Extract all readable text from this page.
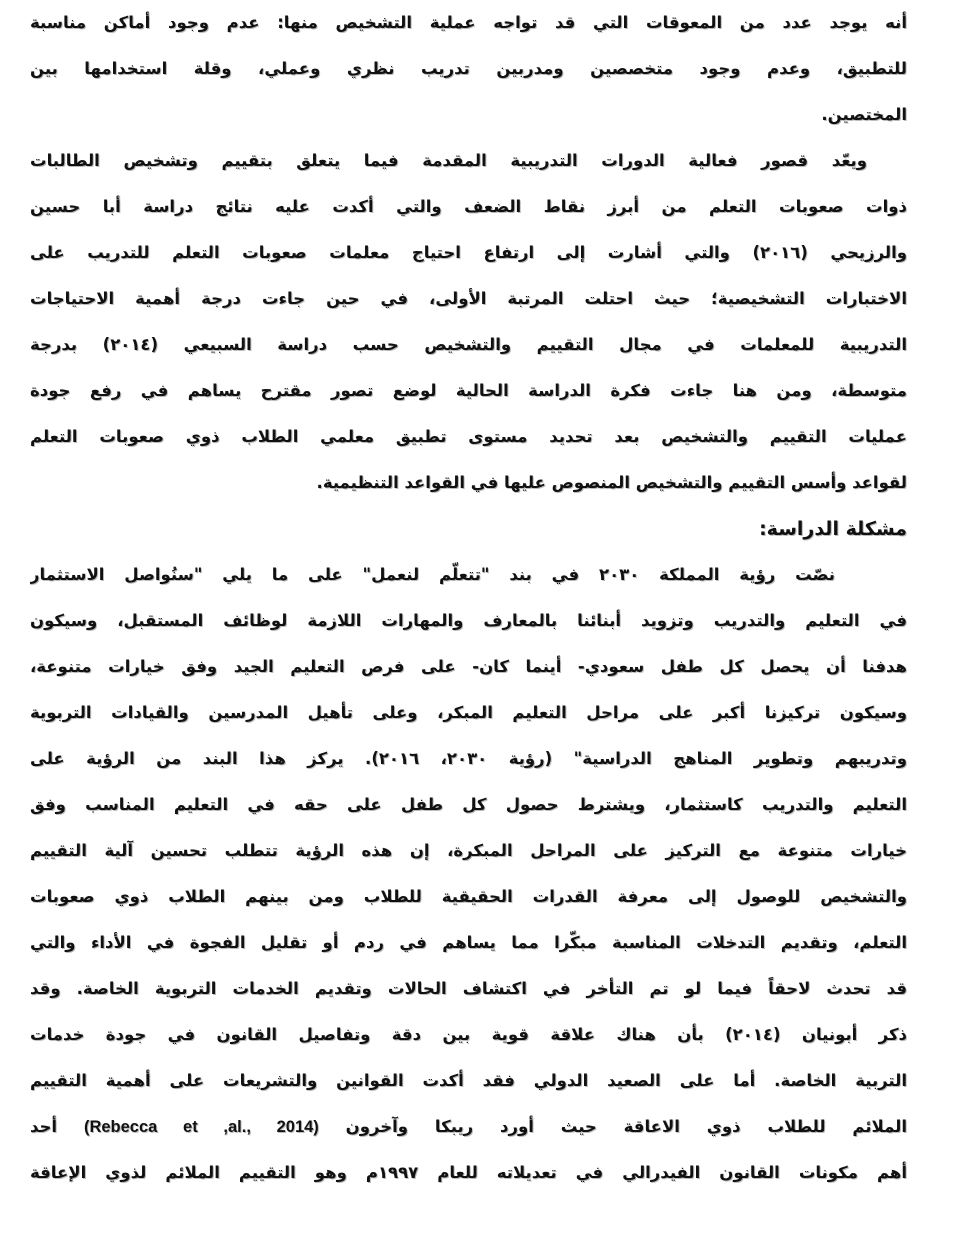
أنه يوجد عدد من المعوقات التي قد تواجه عملية التشخيص منها: عدم وجود أماكن مناسبة
للتطبيق، وعدم وجود متخصصين ومدربين تدريب نظري وعملي، وقلة استخدامها بين
المختصين.
ويعّد قصور فعالية الدورات التدريبية المقدمة فيما يتعلق بتقييم وتشخيص الطالبات
ذوات صعوبات التعلم من أبرز نقاط الضعف والتي أكدت عليه نتائج دراسة أبا حسين
والرزيحي (٢٠١٦) والتي أشارت إلى ارتفاع احتياج معلمات صعوبات التعلم للتدريب على
الاختبارات التشخيصية؛ حيث احتلت المرتبة الأولى، في حين جاءت درجة أهمية الاحتياجات
التدريبية للمعلمات في مجال التقييم والتشخيص حسب دراسة السبيعي (٢٠١٤) بدرجة
متوسطة، ومن هنا جاءت فكرة الدراسة الحالية لوضع تصور مقترح يساهم في رفع جودة
عمليات التقييم والتشخيص بعد تحديد مستوى تطبيق معلمي الطلاب ذوي صعوبات التعلم
لقواعد وأسس التقييم والتشخيص المنصوص عليها في القواعد التنظيمية.
مشكلة الدراسة:
نصّت رؤية المملكة ٢٠٣٠ في بند "تتعلّم لنعمل" على ما يلي "سنُواصل الاستثمار
في التعليم والتدريب وتزويد أبنائنا بالمعارف والمهارات اللازمة لوظائف المستقبل، وسيكون
هدفنا أن يحصل كل طفل سعودي- أينما كان- على فرص التعليم الجيد وفق خيارات متنوعة،
وسيكون تركيزنا أكبر على مراحل التعليم المبكر، وعلى تأهيل المدرسين والقيادات التربوية
وتدريبهم وتطوير المناهج الدراسية" (رؤية ٢٠٣٠، ٢٠١٦). يركز هذا البند من الرؤية على
التعليم والتدريب كاستثمار، ويشترط حصول كل طفل على حقه في التعليم المناسب وفق
خيارات متنوعة مع التركيز على المراحل المبكرة، إن هذه الرؤية تتطلب تحسين آلية التقييم
والتشخيص للوصول إلى معرفة القدرات الحقيقية للطلاب ومن بينهم الطلاب ذوي صعوبات
التعلم، وتقديم التدخلات المناسبة مبكّرا مما يساهم في ردم أو تقليل الفجوة في الأداء والتي
قد تحدث لاحقاً فيما لو تم التأخر في اكتشاف الحالات وتقديم الخدمات التربوية الخاصة. وقد
ذكر أبونيان (٢٠١٤) بأن هناك علاقة قوية بين دقة وتفاصيل القانون في جودة خدمات
التربية الخاصة. أما على الصعيد الدولي فقد أكدت القوانين والتشريعات على أهمية التقييم
الملائم للطلاب ذوي الاعاقة حيث أورد ريبكا وآخرون (Rebecca et ,al., 2014) أحد
أهم مكونات القانون الفيدرالي في تعديلاته للعام ١٩٩٧م وهو التقييم الملائم لذوي الإعاقة
